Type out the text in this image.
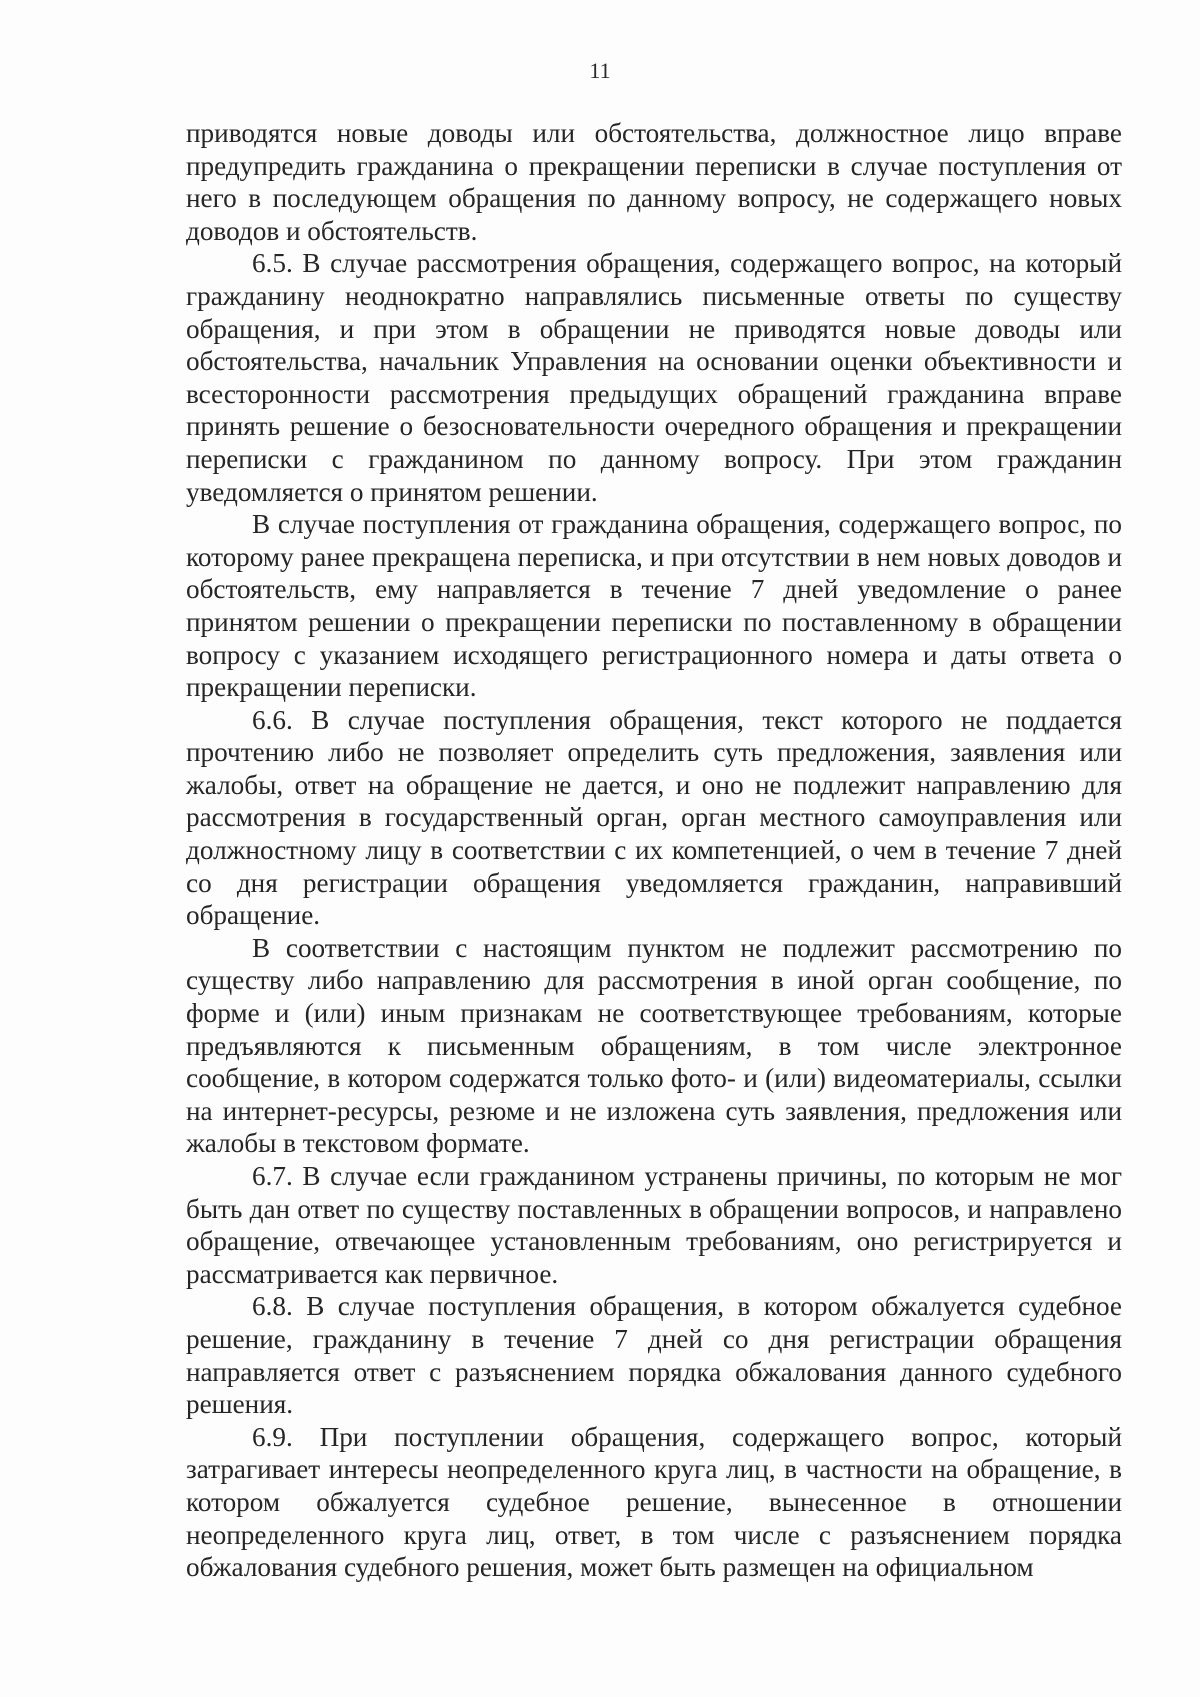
11

приводятся новые доводы или обстоятельства, должностное лицо вправе предупредить гражданина о прекращении переписки в случае поступления от него в последующем обращения по данному вопросу, не содержащего новых доводов и обстоятельств.

6.5. В случае рассмотрения обращения, содержащего вопрос, на который гражданину неоднократно направлялись письменные ответы по существу обращения, и при этом в обращении не приводятся новые доводы или обстоятельства, начальник Управления на основании оценки объективности и всесторонности рассмотрения предыдущих обращений гражданина вправе принять решение о безосновательности очередного обращения и прекращении переписки с гражданином по данному вопросу. При этом гражданин уведомляется о принятом решении.

В случае поступления от гражданина обращения, содержащего вопрос, по которому ранее прекращена переписка, и при отсутствии в нем новых доводов и обстоятельств, ему направляется в течение 7 дней уведомление о ранее принятом решении о прекращении переписки по поставленному в обращении вопросу с указанием исходящего регистрационного номера и даты ответа о прекращении переписки.

6.6. В случае поступления обращения, текст которого не поддается прочтению либо не позволяет определить суть предложения, заявления или жалобы, ответ на обращение не дается, и оно не подлежит направлению для рассмотрения в государственный орган, орган местного самоуправления или должностному лицу в соответствии с их компетенцией, о чем в течение 7 дней со дня регистрации обращения уведомляется гражданин, направивший обращение.

В соответствии с настоящим пунктом не подлежит рассмотрению по существу либо направлению для рассмотрения в иной орган сообщение, по форме и (или) иным признакам не соответствующее требованиям, которые предъявляются к письменным обращениям, в том числе электронное сообщение, в котором содержатся только фото- и (или) видеоматериалы, ссылки на интернет-ресурсы, резюме и не изложена суть заявления, предложения или жалобы в текстовом формате.

6.7. В случае если гражданином устранены причины, по которым не мог быть дан ответ по существу поставленных в обращении вопросов, и направлено обращение, отвечающее установленным требованиям, оно регистрируется и рассматривается как первичное.

6.8. В случае поступления обращения, в котором обжалуется судебное решение, гражданину в течение 7 дней со дня регистрации обращения направляется ответ с разъяснением порядка обжалования данного судебного решения.

6.9. При поступлении обращения, содержащего вопрос, который затрагивает интересы неопределенного круга лиц, в частности на обращение, в котором обжалуется судебное решение, вынесенное в отношении неопределенного круга лиц, ответ, в том числе с разъяснением порядка обжалования судебного решения, может быть размещен на официальном
